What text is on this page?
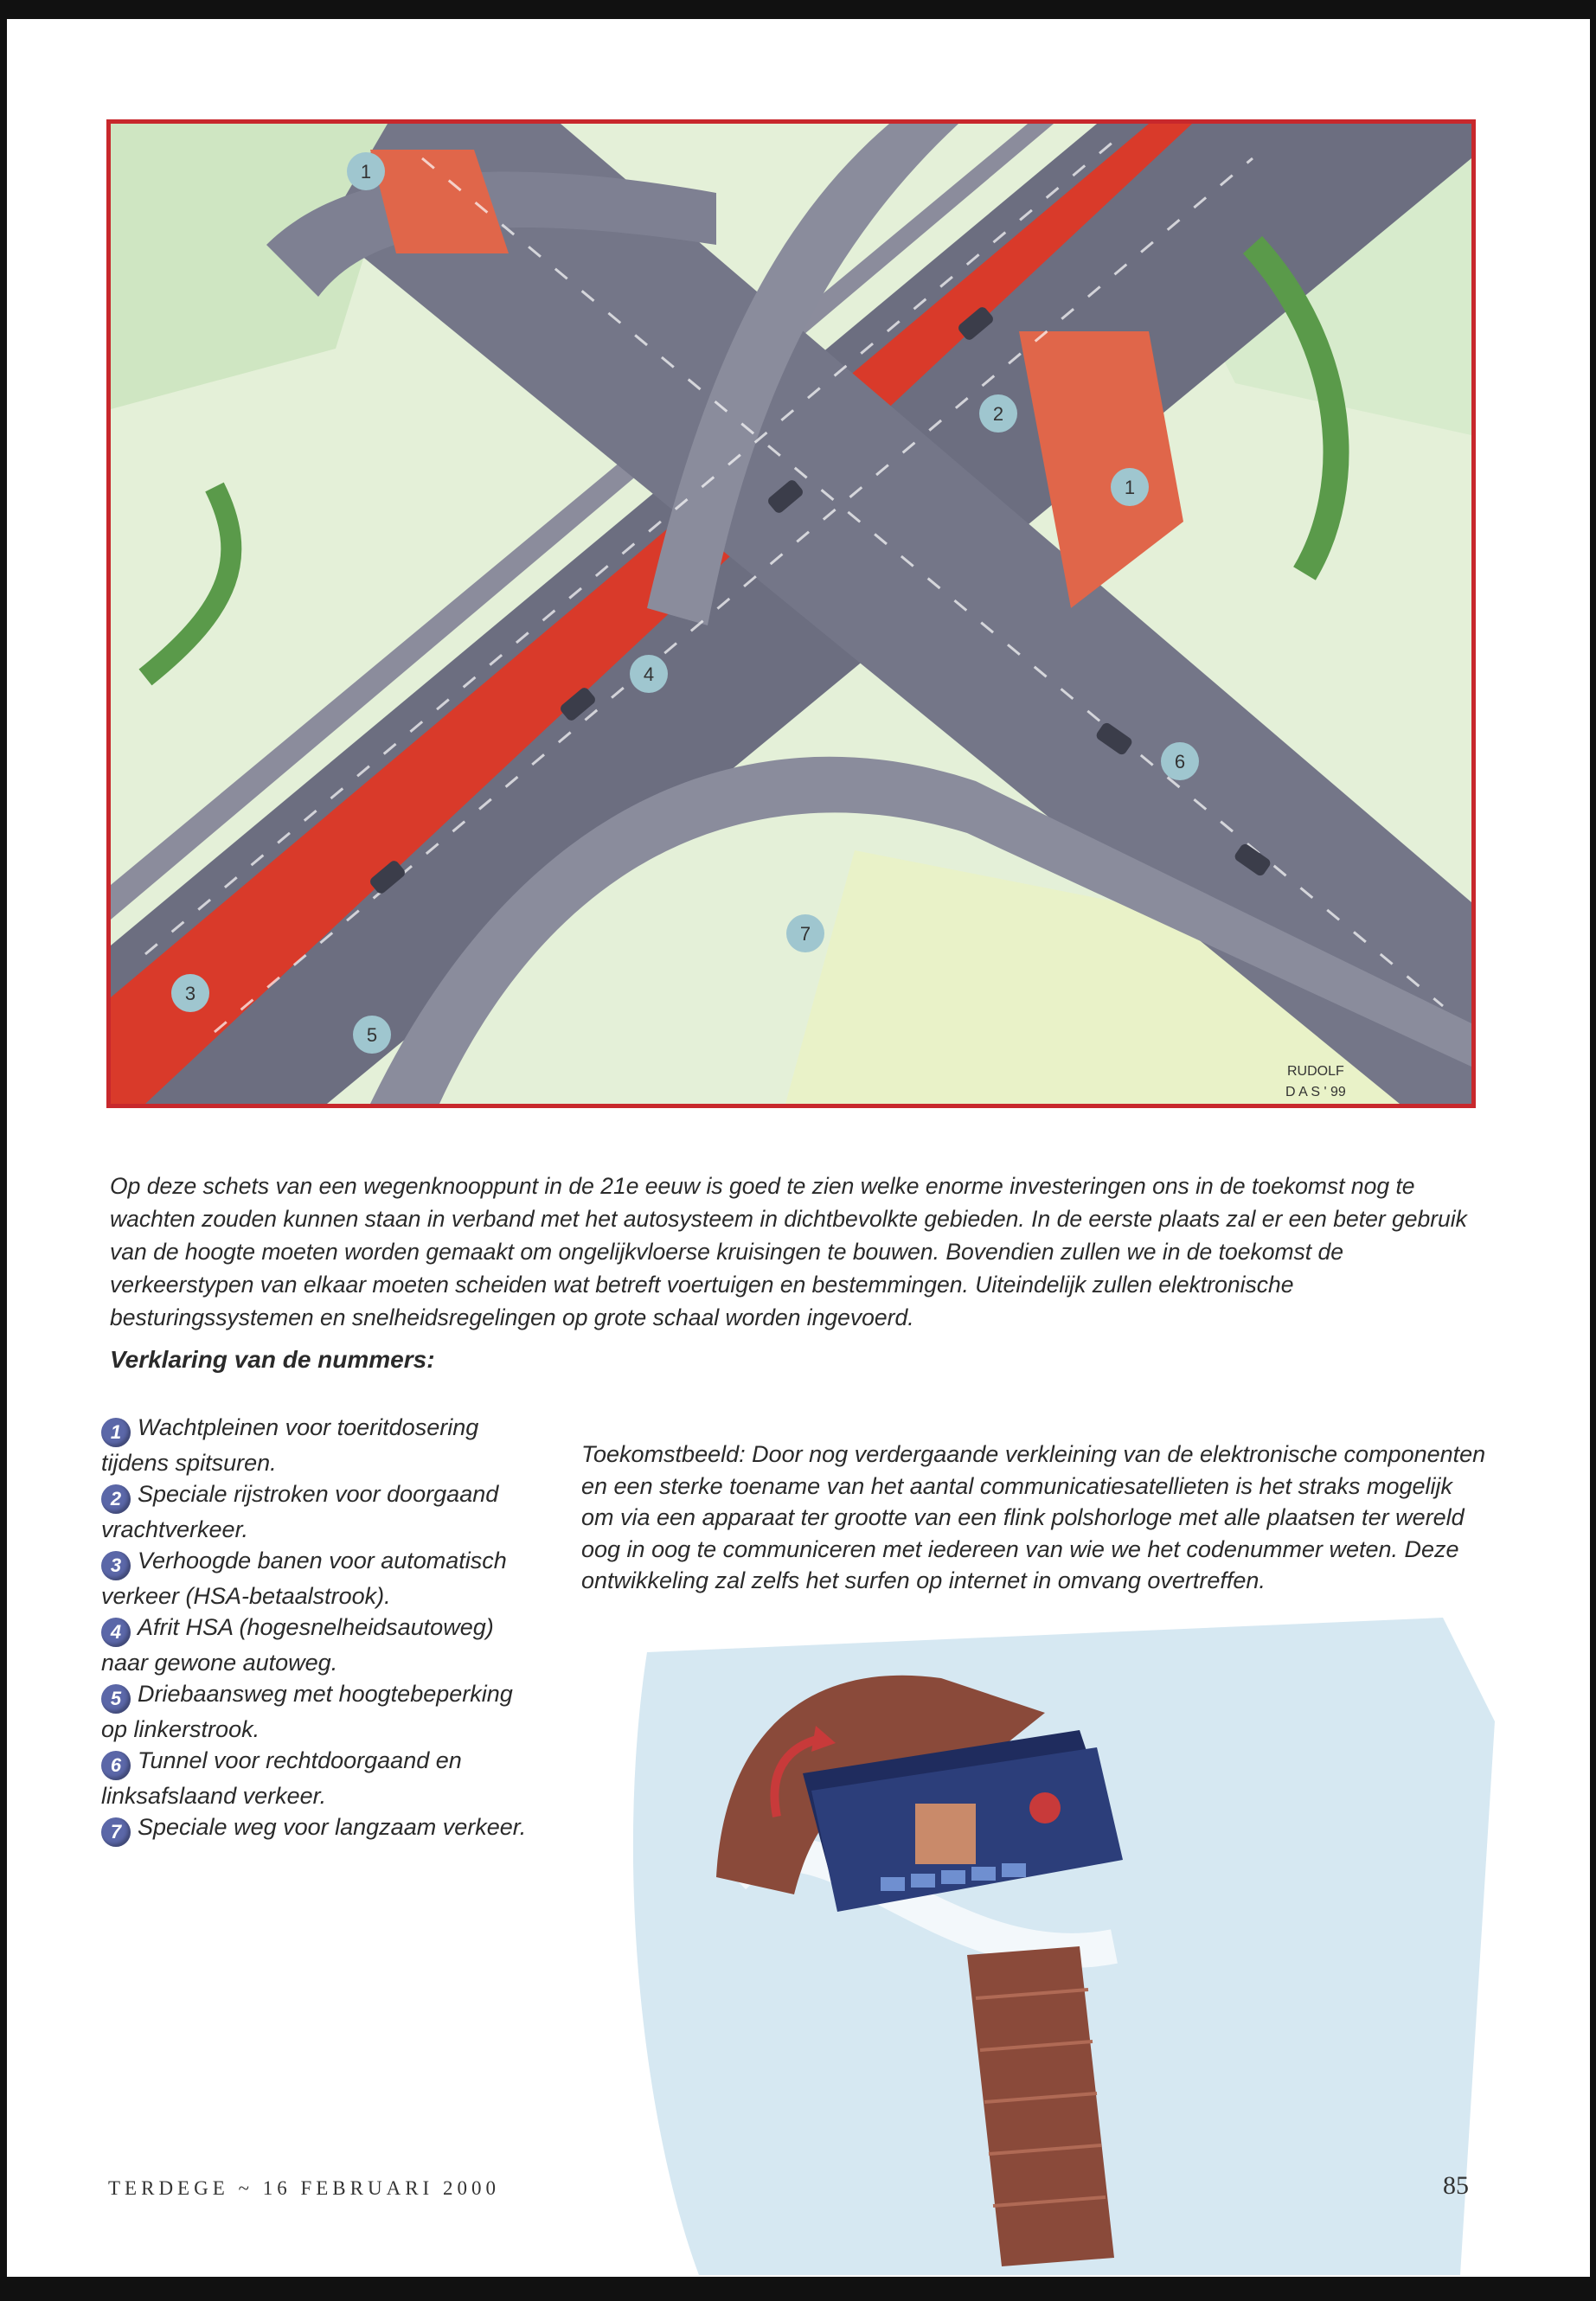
1
1
2
3
4
5
6
7
RUDOLF
D A S ' 99

Op deze schets van een wegenknooppunt in de 21e eeuw is goed te zien welke enorme investeringen ons in de toekomst nog te wachten zouden kunnen staan in verband met het autosysteem in dichtbevolkte gebieden. In de eerste plaats zal er een beter gebruik van de hoogte moeten worden gemaakt om ongelijkvloerse kruisingen te bouwen. Bovendien zullen we in de toekomst de verkeerstypen van elkaar moeten scheiden wat betreft voertuigen en bestemmingen. Uiteindelijk zullen elektronische besturingssystemen en snelheidsregelingen op grote schaal worden ingevoerd.

Verklaring van de nummers:

1 Wachtpleinen voor toeritdosering tijdens spitsuren.

2 Speciale rijstroken voor doorgaand vrachtverkeer.

3 Verhoogde banen voor automatisch verkeer (HSA-betaalstrook).

4 Afrit HSA (hogesnelheidsautoweg) naar gewone autoweg.

5 Driebaansweg met hoogtebeperking op linkerstrook.

6 Tunnel voor rechtdoorgaand en linksafslaand verkeer.

7 Speciale weg voor langzaam verkeer.

Toekomstbeeld: Door nog verdergaande verkleining van de elektronische componenten en een sterke toename van het aantal communicatiesatellieten is het straks mogelijk om via een apparaat ter grootte van een flink polshorloge met alle plaatsen ter wereld oog in oog te communiceren met iedereen van wie we het codenummer weten. Deze ontwikkeling zal zelfs het surfen op internet in omvang overtreffen.

TERDEGE ~ 16 FEBRUARI 2000	85
